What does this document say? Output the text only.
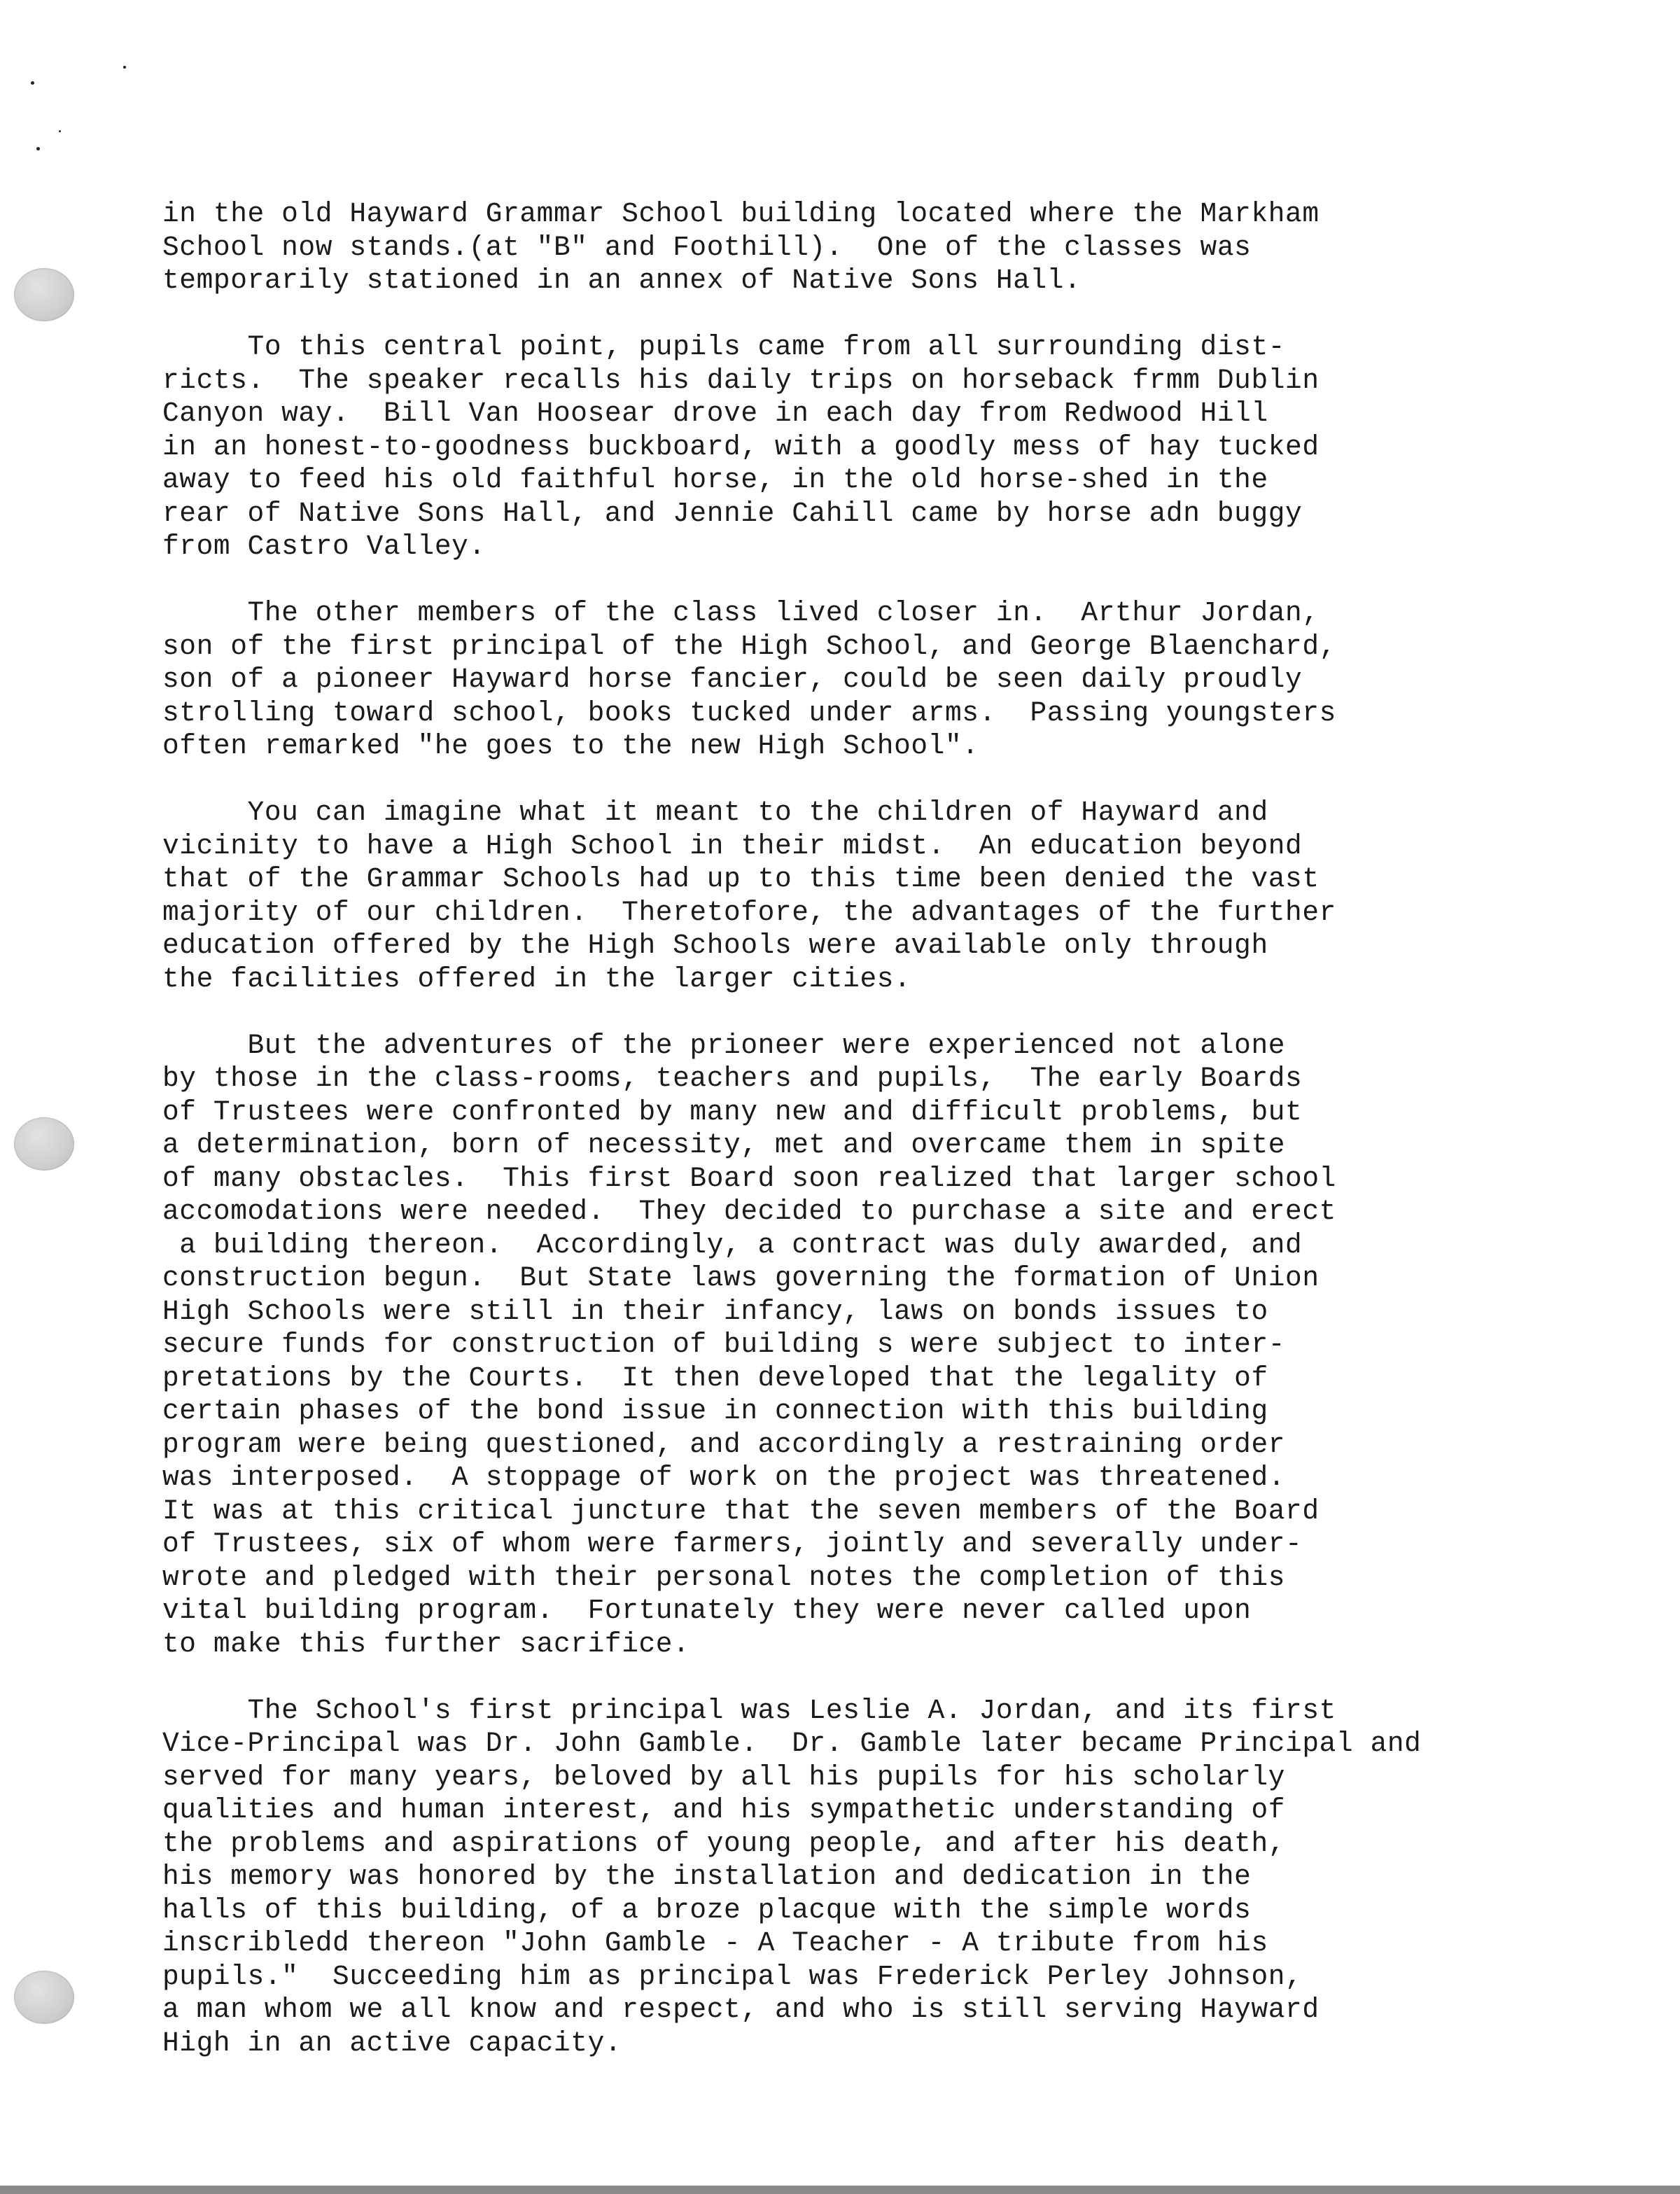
in the old Hayward Grammar School building located where the Markham
School now stands.(at "B" and Foothill).  One of the classes was
temporarily stationed in an annex of Native Sons Hall.
To this central point, pupils came from all surrounding dist-
ricts.  The speaker recalls his daily trips on horseback frmm Dublin
Canyon way.  Bill Van Hoosear drove in each day from Redwood Hill
in an honest-to-goodness buckboard, with a goodly mess of hay tucked
away to feed his old faithful horse, in the old horse-shed in the
rear of Native Sons Hall, and Jennie Cahill came by horse adn buggy
from Castro Valley.
The other members of the class lived closer in.  Arthur Jordan,
son of the first principal of the High School, and George Blaenchard,
son of a pioneer Hayward horse fancier, could be seen daily proudly
strolling toward school, books tucked under arms.  Passing youngsters
often remarked "he goes to the new High School".
You can imagine what it meant to the children of Hayward and
vicinity to have a High School in their midst.  An education beyond
that of the Grammar Schools had up to this time been denied the vast
majority of our children.  Theretofore, the advantages of the further
education offered by the High Schools were available only through
the facilities offered in the larger cities.
But the adventures of the prioneer were experienced not alone
by those in the class-rooms, teachers and pupils,  The early Boards
of Trustees were confronted by many new and difficult problems, but
a determination, born of necessity, met and overcame them in spite
of many obstacles.  This first Board soon realized that larger school
accomodations were needed.  They decided to purchase a site and erect
a building thereon.  Accordingly, a contract was duly awarded, and
construction begun.  But State laws governing the formation of Union
High Schools were still in their infancy, laws on bonds issues to
secure funds for construction of building s were subject to inter-
pretations by the Courts.  It then developed that the legality of
certain phases of the bond issue in connection with this building
program were being questioned, and accordingly a restraining order
was interposed.  A stoppage of work on the project was threatened.
It was at this critical juncture that the seven members of the Board
of Trustees, six of whom were farmers, jointly and severally under-
wrote and pledged with their personal notes the completion of this
vital building program.  Fortunately they were never called upon
to make this further sacrifice.
The School's first principal was Leslie A. Jordan, and its first
Vice-Principal was Dr. John Gamble.  Dr. Gamble later became Principal and
served for many years, beloved by all his pupils for his scholarly
qualities and human interest, and his sympathetic understanding of
the problems and aspirations of young people, and after his death,
his memory was honored by the installation and dedication in the
halls of this building, of a broze placque with the simple words
inscribledd thereon "John Gamble - A Teacher - A tribute from his
pupils."  Succeeding him as principal was Frederick Perley Johnson,
a man whom we all know and respect, and who is still serving Hayward
High in an active capacity.
